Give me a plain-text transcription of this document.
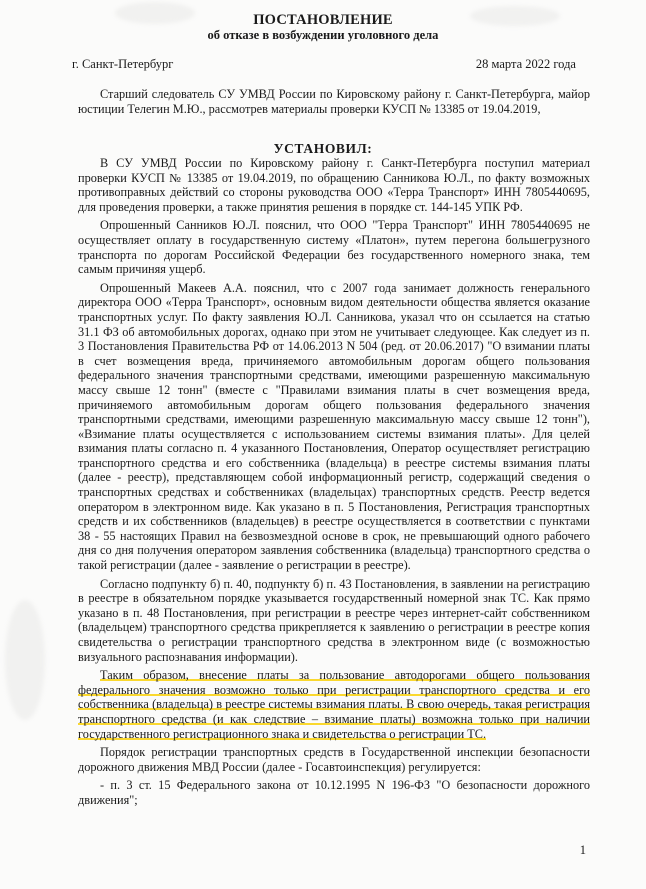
ПОСТАНОВЛЕНИЕ
об отказе в возбуждении уголовного дела
г. Санкт-Петербург	28 марта 2022 года

Старший следователь СУ УМВД России по Кировскому району г. Санкт-Петербурга, майор юстиции Телегин М.Ю., рассмотрев материалы проверки КУСП № 13385 от 19.04.2019,

УСТАНОВИЛ:

В СУ УМВД России по Кировскому району г. Санкт-Петербурга поступил материал проверки КУСП № 13385 от 19.04.2019, по обращению Санникова Ю.Л., по факту возможных противоправных действий со стороны руководства ООО «Терра Транспорт» ИНН 7805440695, для проведения проверки, а также принятия решения в порядке ст. 144-145 УПК РФ.

Опрошенный Санников Ю.Л. пояснил, что ООО "Терра Транспорт" ИНН 7805440695 не осуществляет оплату в государственную систему «Платон», путем перегона большегрузного транспорта по дорогам Российской Федерации без государственного номерного знака, тем самым причиняя ущерб.

Опрошенный Макеев А.А. пояснил, что с 2007 года занимает должность генерального директора ООО «Терра Транспорт», основным видом деятельности общества является оказание транспортных услуг. По факту заявления Ю.Л. Санникова, указал что он ссылается на статью 31.1 ФЗ об автомобильных дорогах, однако при этом не учитывает следующее. Как следует из п. 3 Постановления Правительства РФ от 14.06.2013 N 504 (ред. от 20.06.2017) "О взимании платы в счет возмещения вреда, причиняемого автомобильным дорогам общего пользования федерального значения транспортными средствами, имеющими разрешенную максимальную массу свыше 12 тонн" (вместе с "Правилами взимания платы в счет возмещения вреда, причиняемого автомобильным дорогам общего пользования федерального значения транспортными средствами, имеющими разрешенную максимальную массу свыше 12 тонн"), «Взимание платы осуществляется с использованием системы взимания платы». Для целей взимания платы согласно п. 4 указанного Постановления, Оператор осуществляет регистрацию транспортного средства и его собственника (владельца) в реестре системы взимания платы (далее - реестр), представляющем собой информационный регистр, содержащий сведения о транспортных средствах и собственниках (владельцах) транспортных средств. Реестр ведется оператором в электронном виде. Как указано в п. 5 Постановления, Регистрация транспортных средств и их собственников (владельцев) в реестре осуществляется в соответствии с пунктами 38 - 55 настоящих Правил на безвозмездной основе в срок, не превышающий одного рабочего дня со дня получения оператором заявления собственника (владельца) транспортного средства о такой регистрации (далее - заявление о регистрации в реестре).

Согласно подпункту б) п. 40, подпункту б) п. 43 Постановления, в заявлении на регистрацию в реестре в обязательном порядке указывается государственный номерной знак ТС. Как прямо указано в п. 48 Постановления, при регистрации в реестре через интернет-сайт собственником (владельцем) транспортного средства прикрепляется к заявлению о регистрации в реестре копия свидетельства о регистрации транспортного средства в электронном виде (с возможностью визуального распознавания информации).

Таким образом, внесение платы за пользование автодорогами общего пользования федерального значения возможно только при регистрации транспортного средства и его собственника (владельца) в реестре системы взимания платы. В свою очередь, такая регистрация транспортного средства (и как следствие – взимание платы) возможна только при наличии государственного регистрационного знака и свидетельства о регистрации ТС.

Порядок регистрации транспортных средств в Государственной инспекции безопасности дорожного движения МВД России (далее - Госавтоинспекция) регулируется:

- п. 3 ст. 15 Федерального закона от 10.12.1995 N 196-ФЗ "О безопасности дорожного движения";

1
